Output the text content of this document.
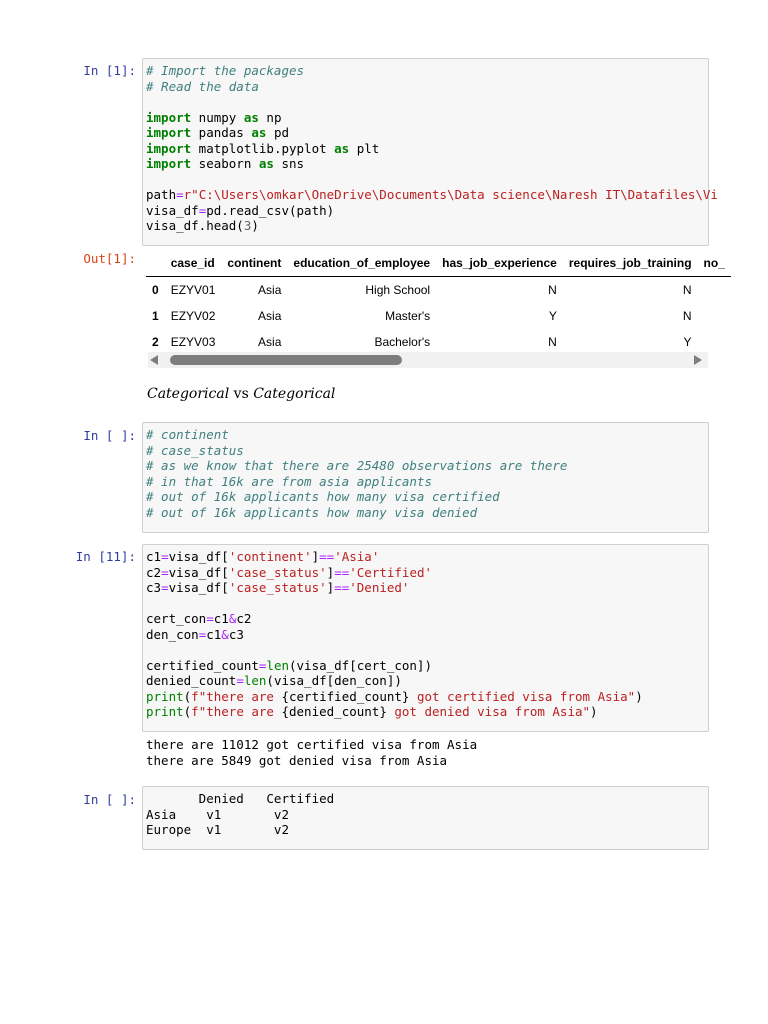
In [1]: # Import the packages
# Read the data
import numpy as np
import pandas as pd
import matplotlib.pyplot as plt
import seaborn as sns
path=r"C:\Users\omkar\OneDrive\Documents\Data science\Naresh IT\Datafiles\Vi
visa_df=pd.read_csv(path)
visa_df.head(3)
Out[1]:
		case_id	continent	education_of_employee	has_job_experience	requires_job_training	no_
0	EZYV01	Asia	High School	N	N	
1	EZYV02	Asia	Master's	Y	N	
2	EZYV03	Asia	Bachelor's	N	Y	
Categorical vs Categorical
In [ ]: # continent
# case_status
# as we know that there are 25480 observations are there
# in that 16k are from asia applicants
# out of 16k applicants how many visa certified
# out of 16k applicants how many visa denied
In [11]: c1=visa_df['continent']=='Asia'
c2=visa_df['case_status']=='Certified'
c3=visa_df['case_status']=='Denied'
cert_con=c1&c2
den_con=c1&c3
certified_count=len(visa_df[cert_con])
denied_count=len(visa_df[den_con])
print(f"there are {certified_count} got certified visa from Asia")
print(f"there are {denied_count} got denied visa from Asia")
there are 11012 got certified visa from Asia
there are 5849 got denied visa from Asia
In [ ]: Denied   Certified
Asia    v1       v2
Europe  v1       v2
